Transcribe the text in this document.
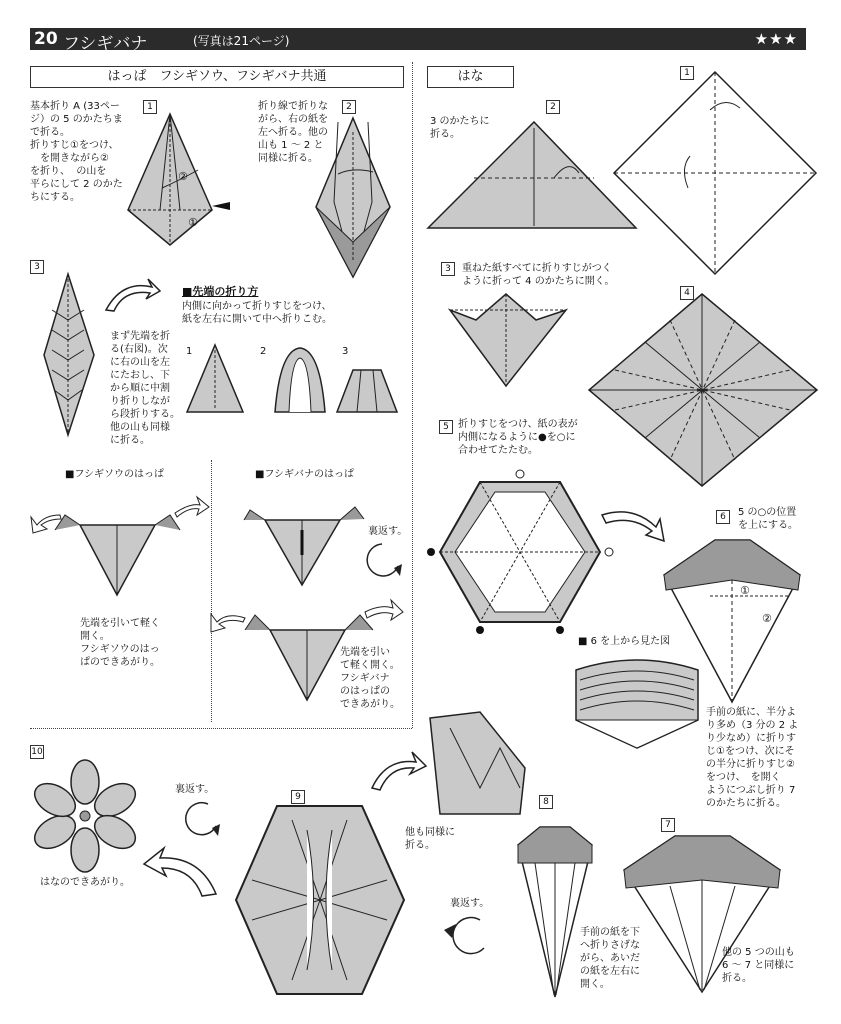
20 フシギバナ	(写真は21ページ)	★★★
はっぱ　フシギソウ、フシギバナ共通	はな
基本折り A (33ペー
ジ）の 5 のかたちま
で折る。
折りすじ①をつけ、
　を開きながら②
を折り、  の山を
平らにして 2 のかた
ちにする。
1
②
①
折り線で折りな
がら、右の紙を
左へ折る。他の
山も 1 ～ 2 と
同様に折る。
2
3
まず先端を折
る(右図)。次
に右の山を左
にたおし、下
から順に中割
り折りしなが
ら段折りする。
他の山も同様
に折る。
■先端の折り方
内側に向かって折りすじをつけ、
紙を左右に開いて中へ折りこむ。
1	2	3
■フシギソウのはっぱ
先端を引いて軽く
開く。
フシギソウのはっ
ぱのできあがり。
■フシギバナのはっぱ
裏返す。
先端を引い
て軽く開く。
フシギバナ
のはっぱの
できあがり。
1
2
3 のかたちに
折る。
3	重ねた紙すべてに折りすじがつく
ように折って 4 のかたちに開く。
4
5 折りすじをつけ、紙の表が
内側になるように●を○に
合わせてたたむ。
6	5 の○の位置
を上にする。
①
②
■ 6 を上から見た図
手前の紙に、半分よ
り多め（3 分の 2 よ
り少なめ）に折りす
じ①をつけ、次にそ
の半分に折りすじ②
をつけ、　を開く
ようにつぶし折り 7
のかたちに折る。
7
他の 5 つの山も
6 ～ 7 と同様に
折る。
8
手前の紙を下
へ折りさげな
がら、あいだ
の紙を左右に
開く。
裏返す。
他も同様に
折る。
9
10
はなのできあがり。
裏返す。
